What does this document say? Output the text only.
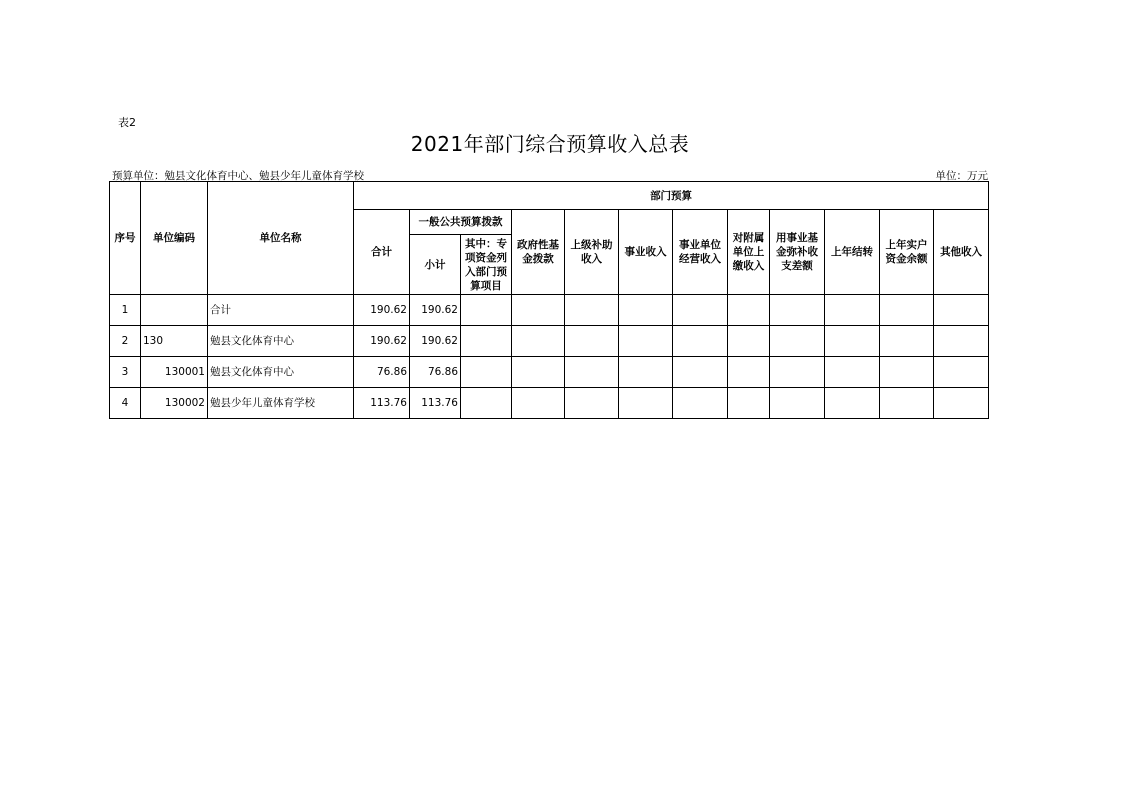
表2
2021年部门综合预算收入总表
预算单位：勉县文化体育中心、勉县少年儿童体育学校	单位：万元
序号	单位编码	单位名称	部门预算											
			合计	一般公共预算拨款		政府性基金拨款	上级补助收入	事业收入	事业单位经营收入	对附属单位上缴收入	用事业基金弥补收支差额	上年结转	上年实户资金余额	其他收入
				小计	其中：专项资金列入部门预算项目									
1		合计	190.62	190.62										
2	130	勉县文化体育中心	190.62	190.62										
3	130001	勉县文化体育中心	76.86	76.86										
4	130002	勉县少年儿童体育学校	113.76	113.76										
